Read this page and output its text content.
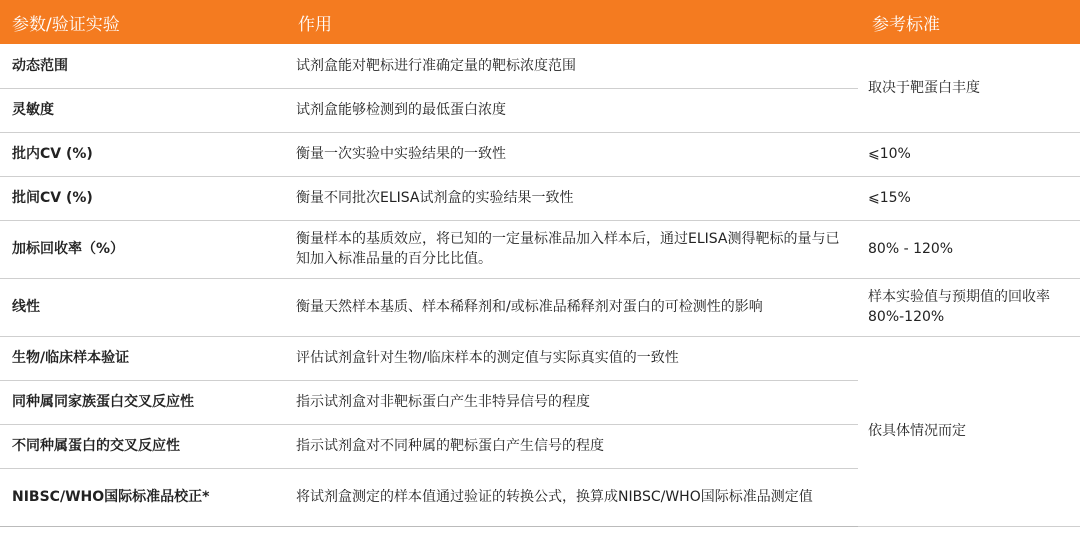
参数/验证实验	作用	参考标准
动态范围	试剂盒能对靶标进行准确定量的靶标浓度范围	取决于靶蛋白丰度
灵敏度	试剂盒能够检测到的最低蛋白浓度	
批内CV (%)	衡量一次实验中实验结果的一致性	⩽10%
批间CV (%)	衡量不同批次ELISA试剂盒的实验结果一致性	⩽15%
加标回收率（%）	衡量样本的基质效应，将已知的一定量标准品加入样本后，通过ELISA测得靶标的量与已知加入标准品量的百分比比值。	80% - 120%
线性	衡量天然样本基质、样本稀释剂和/或标准品稀释剂对蛋白的可检测性的影响	样本实验值与预期值的回收率 80%-120%
生物/临床样本验证	评估试剂盒针对生物/临床样本的测定值与实际真实值的一致性	依具体情况而定
同种属同家族蛋白交叉反应性	指示试剂盒对非靶标蛋白产生非特异信号的程度	
不同种属蛋白的交叉反应性	指示试剂盒对不同种属的靶标蛋白产生信号的程度	
NIBSC/WHO国际标准品校正*	将试剂盒测定的样本值通过验证的转换公式，换算成NIBSC/WHO国际标准品测定值	
